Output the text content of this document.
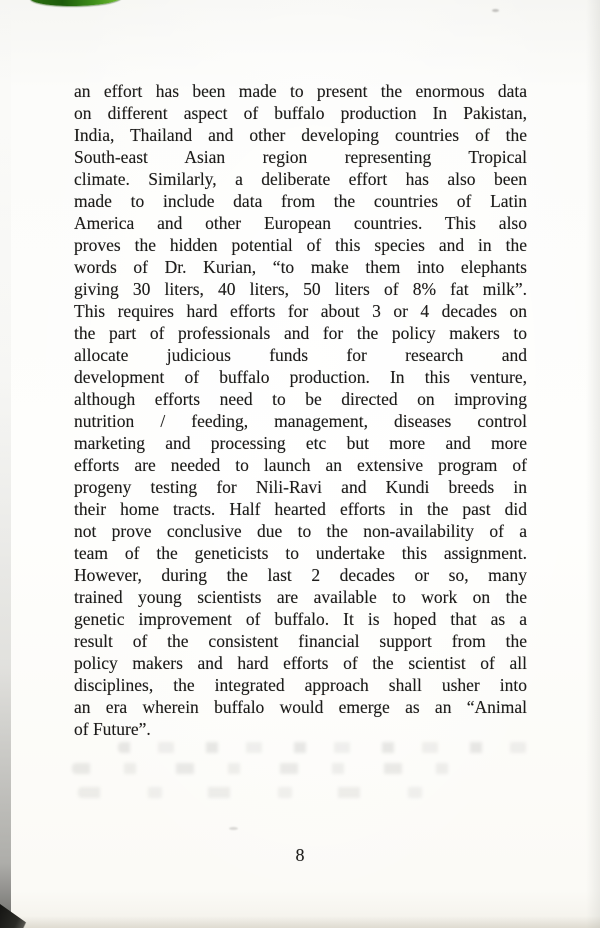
an effort has been made to present the enormous data
on different aspect of buffalo production In Pakistan,
India, Thailand and other developing countries of the
South-east Asian region representing Tropical
climate. Similarly, a deliberate effort has also been
made to include data from the countries of Latin
America and other European countries. This also
proves the hidden potential of this species and in the
words of Dr. Kurian, “to make them into elephants
giving 30 liters, 40 liters, 50 liters of 8% fat milk”.
This requires hard efforts for about 3 or 4 decades on
the part of professionals and for the policy makers to
allocate judicious funds for research and
development of buffalo production. In this venture,
although efforts need to be directed on improving
nutrition / feeding, management, diseases control
marketing and processing etc but more and more
efforts are needed to launch an extensive program of
progeny testing for Nili-Ravi and Kundi breeds in
their home tracts. Half hearted efforts in the past did
not prove conclusive due to the non-availability of a
team of the geneticists to undertake this assignment.
However, during the last 2 decades or so, many
trained young scientists are available to work on the
genetic improvement of buffalo. It is hoped that as a
result of the consistent financial support from the
policy makers and hard efforts of the scientist of all
disciplines, the integrated approach shall usher into
an era wherein buffalo would emerge as an “Animal
of Future”.
8
